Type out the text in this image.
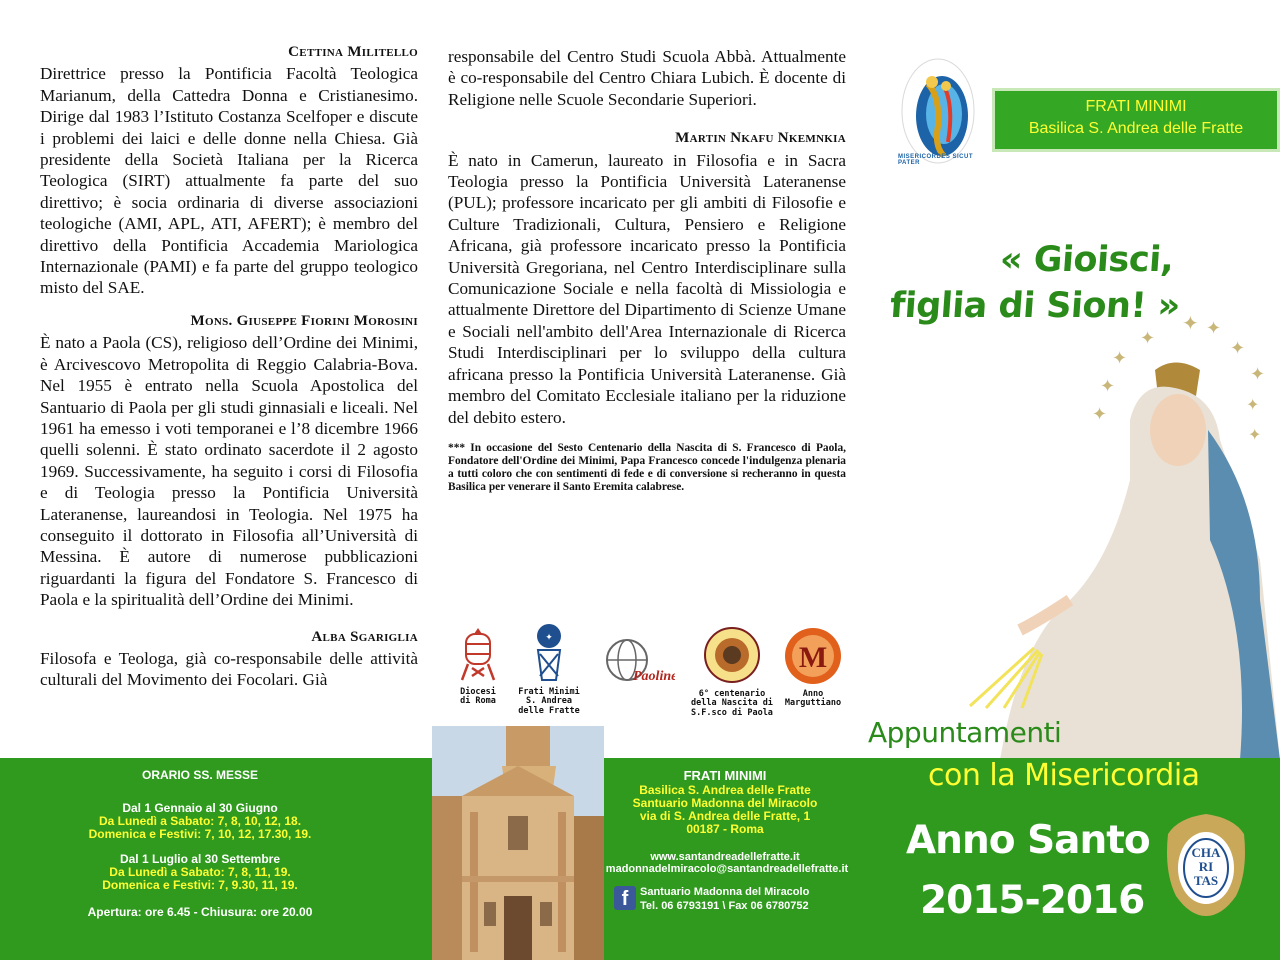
Cettina Militello

Direttrice presso la Pontificia Facoltà Teologica Marianum, della Cattedra Donna e Cristianesimo. Dirige dal 1983 l’Istituto Costanza Scelfoper e discute i problemi dei laici e delle donne nella Chiesa. Già presidente della Società Italiana per la Ricerca Teologica (SIRT) attualmente fa parte del suo direttivo; è socia ordinaria di diverse associazioni teologiche (AMI, APL, ATI, AFERT); è membro del direttivo della Pontificia Accademia Mariologica Internazionale (PAMI) e fa parte del gruppo teologico misto del SAE.

Mons. Giuseppe Fiorini Morosini

È nato a Paola (CS), religioso dell’Ordine dei Minimi, è Arcivescovo Metropolita di Reggio Calabria-Bova. Nel 1955 è entrato nella Scuola Apostolica del Santuario di Paola per gli studi ginnasiali e liceali. Nel 1961 ha emesso i voti temporanei e l’8 dicembre 1966 quelli solenni. È stato ordinato sacerdote il 2 agosto 1969. Successivamente, ha seguito i corsi di Filosofia e di Teologia presso la Pontificia Università Lateranense, laureandosi in Teologia. Nel 1975 ha conseguito il dottorato in Filosofia all’Università di Messina. È autore di numerose pubblicazioni riguardanti la figura del Fondatore S. Francesco di Paola e la spiritualità dell’Ordine dei Minimi.

Alba Sgariglia

Filosofa e Teologa, già co-responsabile delle attività culturali del Movimento dei Focolari. Già

responsabile del Centro Studi Scuola Abbà. Attualmente è co-responsabile del Centro Chiara Lubich. È docente di Religione nelle Scuole Secondarie Superiori.

Martin Nkafu Nkemnkia

È nato in Camerun, laureato in Filosofia e in Sacra Teologia presso la Pontificia Università Lateranense (PUL); professore incaricato per gli ambiti di Filosofie e Culture Tradizionali, Cultura, Pensiero e Religione Africana, già professore incaricato presso la Pontificia Università Gregoriana, nel Centro Interdisciplinare sulla Comunicazione Sociale e nella facoltà di Missiologia e attualmente Direttore del Dipartimento di Scienze Umane e Sociali nell'ambito dell'Area Internazionale di Ricerca Studi Interdisciplinari per lo sviluppo della cultura africana presso la Pontificia Università Lateranense. Già membro del Comitato Ecclesiale italiano per la riduzione del debito estero.

*** In occasione del Sesto Centenario della Nascita di S. Francesco di Paola, Fondatore dell'Ordine dei Minimi, Papa Francesco concede l'indulgenza plenaria a tutti coloro che con sentimenti di fede e di conversione si recheranno in questa Basilica per venerare il Santo Eremita calabrese.

Diocesi
di Roma
✦
Frati Minimi
S. Andrea
delle Fratte
Paoline
6° centenario
della Nascita di
S.F.sco di Paola
M
Anno
Marguttiano
MISERICORDES SICUT PATER
FRATI MINIMI
Basilica S. Andrea delle Fratte
« Gioisci,
figlia di Sion! » ✦ ✦
✦
✦
✦
✦
✦
✦
✦
✦
Appuntamenti
ORARIO SS. MESSE
Dal 1 Gennaio al 30 Giugno
Da Lunedì a Sabato: 7, 8, 10, 12, 18.
Domenica e Festivi: 7, 10, 12, 17.30, 19.
Dal 1 Luglio al 30 Settembre
Da Lunedì a Sabato: 7, 8, 11, 19.
Domenica e Festivi: 7, 9.30, 11, 19.
Apertura: ore 6.45 - Chiusura: ore 20.00
FRATI MINIMI
Basilica S. Andrea delle Fratte
Santuario Madonna del Miracolo
via di S. Andrea delle Fratte, 1
00187 - Roma
www.santandreadellefratte.it
madonnadelmiracolo@santandreadellefratte.it
f	Santuario Madonna del Miracolo
Tel. 06 6793191 \ Fax 06 6780752
con la Misericordia
Anno Santo
2015-2016
CHA
RI
TAS
